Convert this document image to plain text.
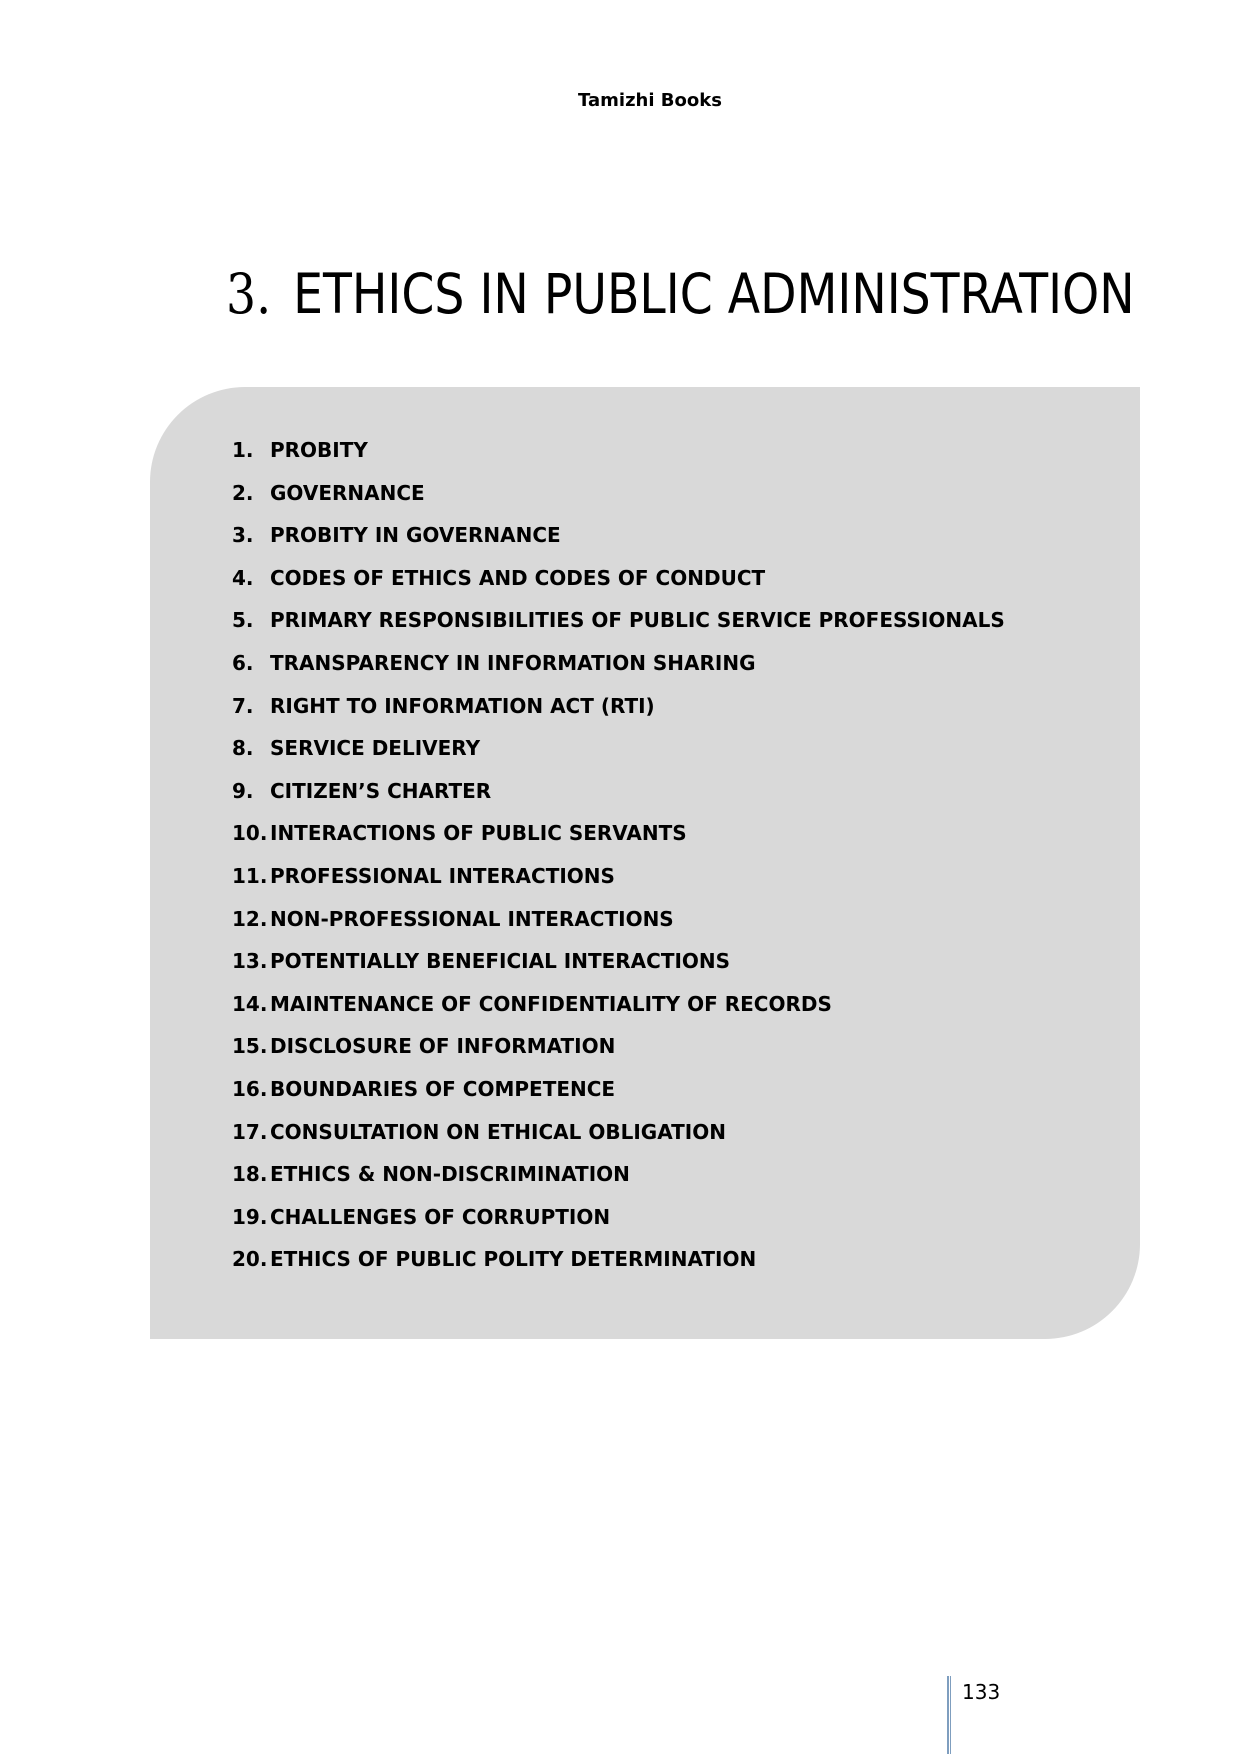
Tamizhi Books
3. ETHICS IN PUBLIC ADMINISTRATION
1. PROBITY
2. GOVERNANCE
3. PROBITY IN GOVERNANCE
4. CODES OF ETHICS AND CODES OF CONDUCT
5. PRIMARY RESPONSIBILITIES OF PUBLIC SERVICE PROFESSIONALS
6. TRANSPARENCY IN INFORMATION SHARING
7. RIGHT TO INFORMATION ACT (RTI)
8. SERVICE DELIVERY
9. CITIZEN’S CHARTER
10. INTERACTIONS OF PUBLIC SERVANTS
11. PROFESSIONAL INTERACTIONS
12. NON-PROFESSIONAL INTERACTIONS
13. POTENTIALLY BENEFICIAL INTERACTIONS
14. MAINTENANCE OF CONFIDENTIALITY OF RECORDS
15. DISCLOSURE OF INFORMATION
16. BOUNDARIES OF COMPETENCE
17. CONSULTATION ON ETHICAL OBLIGATION
18. ETHICS & NON-DISCRIMINATION
19. CHALLENGES OF CORRUPTION
20. ETHICS OF PUBLIC POLITY DETERMINATION
133
